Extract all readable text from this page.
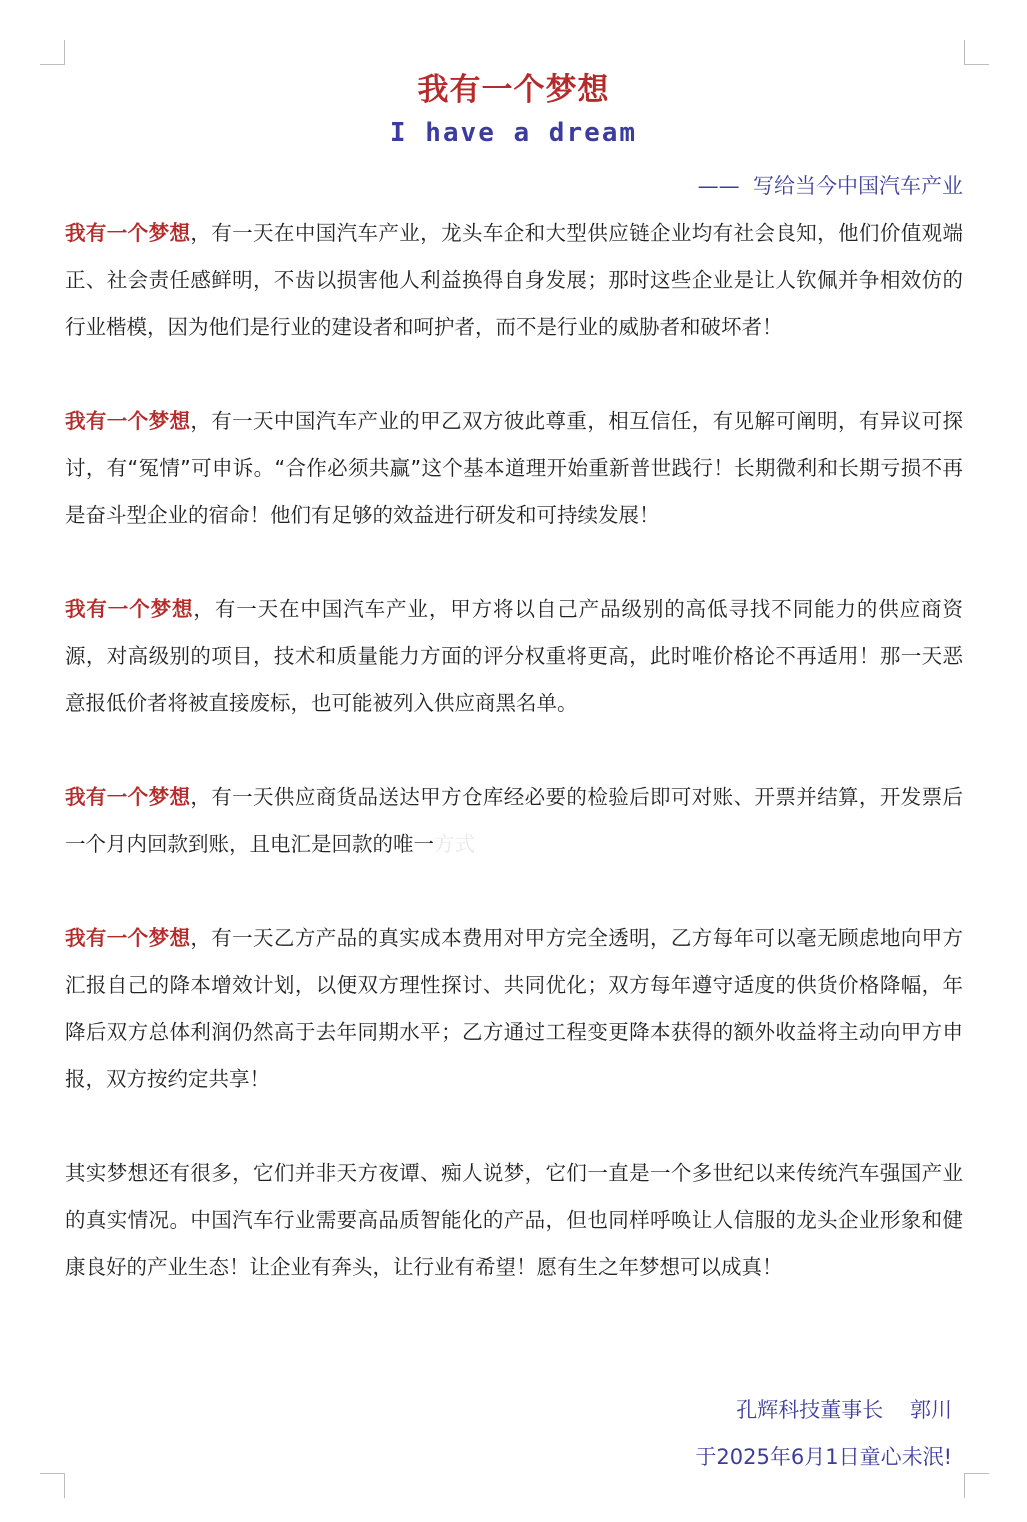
我有一个梦想
I have a dream
——  写给当今中国汽车产业

我有一个梦想，有一天在中国汽车产业，龙头车企和大型供应链企业均有社会良知，他们价值观端正、社会责任感鲜明，不齿以损害他人利益换得自身发展；那时这些企业是让人钦佩并争相效仿的行业楷模，因为他们是行业的建设者和呵护者，而不是行业的威胁者和破坏者！

我有一个梦想，有一天中国汽车产业的甲乙双方彼此尊重，相互信任，有见解可阐明，有异议可探讨，有“冤情”可申诉。“合作必须共赢”这个基本道理开始重新普世践行！长期微利和长期亏损不再是奋斗型企业的宿命！他们有足够的效益进行研发和可持续发展！

我有一个梦想，有一天在中国汽车产业，甲方将以自己产品级别的高低寻找不同能力的供应商资源，对高级别的项目，技术和质量能力方面的评分权重将更高，此时唯价格论不再适用！那一天恶意报低价者将被直接废标，也可能被列入供应商黑名单。

我有一个梦想，有一天供应商货品送达甲方仓库经必要的检验后即可对账、开票并结算，开发票后一个月内回款到账，且电汇是回款的唯一方式

我有一个梦想，有一天乙方产品的真实成本费用对甲方完全透明，乙方每年可以毫无顾虑地向甲方汇报自己的降本增效计划，以便双方理性探讨、共同优化；双方每年遵守适度的供货价格降幅，年降后双方总体利润仍然高于去年同期水平；乙方通过工程变更降本获得的额外收益将主动向甲方申报，双方按约定共享！

其实梦想还有很多，它们并非天方夜谭、痴人说梦，它们一直是一个多世纪以来传统汽车强国产业的真实情况。中国汽车行业需要高品质智能化的产品，但也同样呼唤让人信服的龙头企业形象和健康良好的产业生态！让企业有奔头，让行业有希望！愿有生之年梦想可以成真！

孔辉科技董事长    郭川
于2025年6月1日童心未泯!
